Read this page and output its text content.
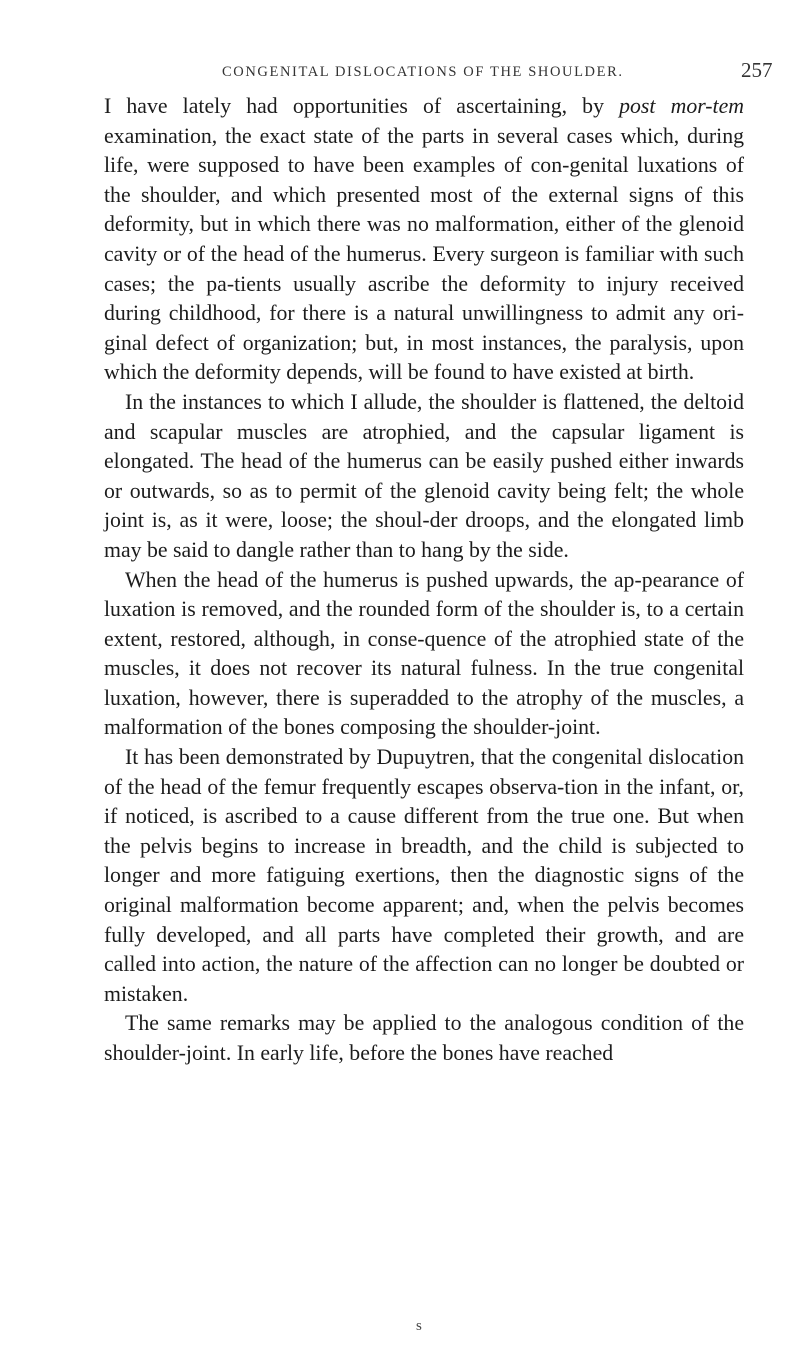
CONGENITAL DISLOCATIONS OF THE SHOULDER.	257

I have lately had opportunities of ascertaining, by post mor-tem examination, the exact state of the parts in several cases which, during life, were supposed to have been examples of con-genital luxations of the shoulder, and which presented most of the external signs of this deformity, but in which there was no malformation, either of the glenoid cavity or of the head of the humerus. Every surgeon is familiar with such cases; the pa-tients usually ascribe the deformity to injury received during childhood, for there is a natural unwillingness to admit any ori-ginal defect of organization; but, in most instances, the paralysis, upon which the deformity depends, will be found to have existed at birth.

In the instances to which I allude, the shoulder is flattened, the deltoid and scapular muscles are atrophied, and the capsular ligament is elongated. The head of the humerus can be easily pushed either inwards or outwards, so as to permit of the glenoid cavity being felt; the whole joint is, as it were, loose; the shoul-der droops, and the elongated limb may be said to dangle rather than to hang by the side.

When the head of the humerus is pushed upwards, the ap-pearance of luxation is removed, and the rounded form of the shoulder is, to a certain extent, restored, although, in conse-quence of the atrophied state of the muscles, it does not recover its natural fulness. In the true congenital luxation, however, there is superadded to the atrophy of the muscles, a malformation of the bones composing the shoulder-joint.

It has been demonstrated by Dupuytren, that the congenital dislocation of the head of the femur frequently escapes observa-tion in the infant, or, if noticed, is ascribed to a cause different from the true one. But when the pelvis begins to increase in breadth, and the child is subjected to longer and more fatiguing exertions, then the diagnostic signs of the original malformation become apparent; and, when the pelvis becomes fully developed, and all parts have completed their growth, and are called into action, the nature of the affection can no longer be doubted or mistaken.

The same remarks may be applied to the analogous condition of the shoulder-joint. In early life, before the bones have reached

s
